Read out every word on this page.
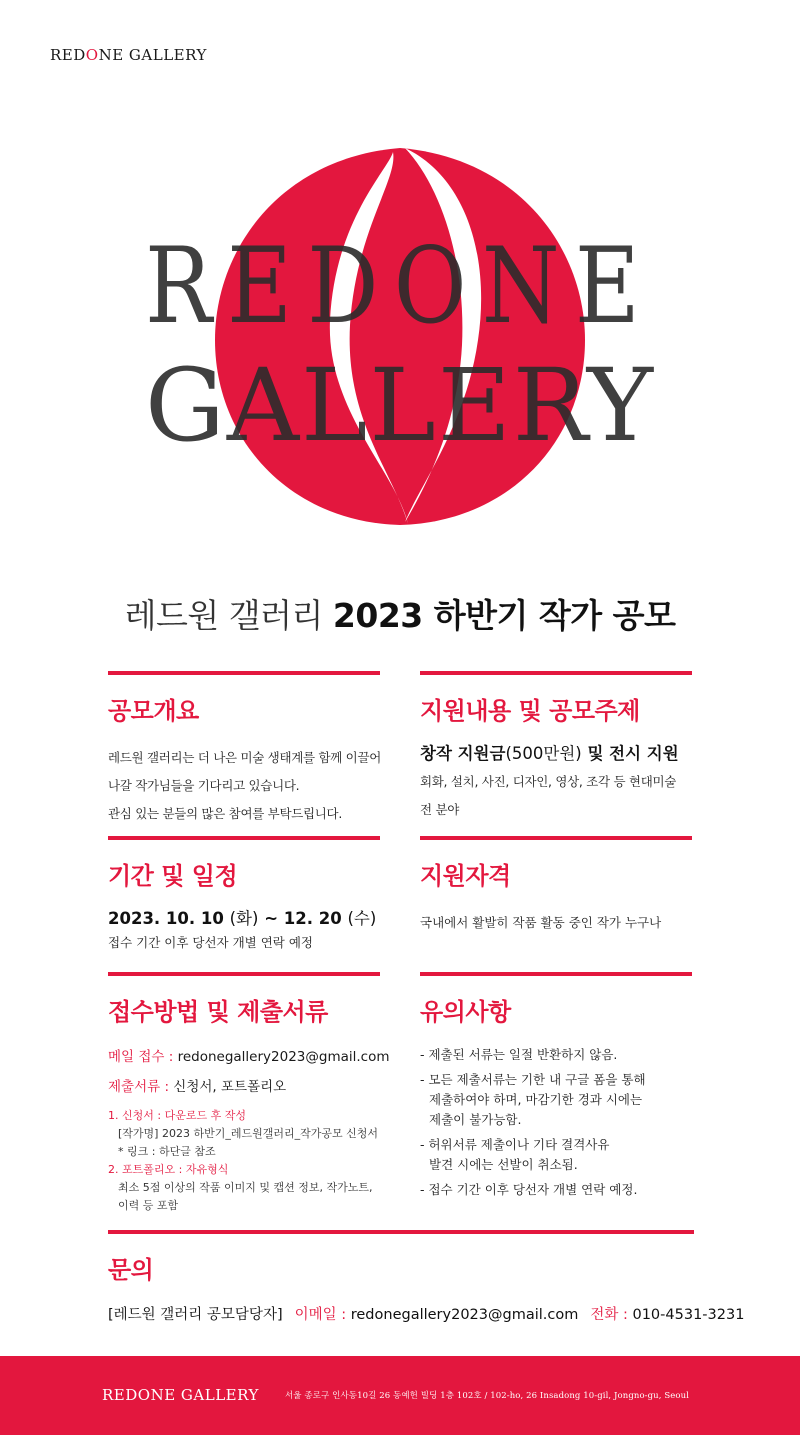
REDONE GALLERY
REDONE
GALLERY
레드원 갤러리 2023 하반기 작가 공모
공모개요
레드원 갤러리는 더 나은 미술 생태계를 함께 이끌어
나갈 작가님들을 기다리고 있습니다.
관심 있는 분들의 많은 참여를 부탁드립니다.
지원내용 및 공모주제
창작 지원금(500만원) 및 전시 지원
회화, 설치, 사진, 디자인, 영상, 조각 등 현대미술
전 분야
기간 및 일정
2023. 10. 10 (화) ~ 12. 20 (수)
접수 기간 이후 당선자 개별 연락 예정
지원자격
국내에서 활발히 작품 활동 중인 작가 누구나
접수방법 및 제출서류
메일 접수 : redonegallery2023@gmail.com
제출서류 : 신청서, 포트폴리오
1. 신청서 : 다운로드 후 작성
[작가명] 2023 하반기_레드원갤러리_작가공모 신청서
* 링크 : 하단글 참조
2. 포트폴리오 : 자유형식
최소 5점 이상의 작품 이미지 및 캡션 정보, 작가노트,
이력 등 포함
유의사항
- 제출된 서류는 일절 반환하지 않음.
- 모든 제출서류는 기한 내 구글 폼을 통해
제출하여야 하며, 마감기한 경과 시에는
제출이 불가능함.
- 허위서류 제출이나 기타 결격사유
발견 시에는 선발이 취소됨.
- 접수 기간 이후 당선자 개별 연락 예정.
문의
[레드원 갤러리 공모담당자] 이메일 : redonegallery2023@gmail.com 전화 : 010-4531-3231
REDONE GALLERY	서울 종로구 인사동10길 26 동예헌 빌딩 1층 102호 / 102-ho, 26 Insadong 10-gil, Jongno-gu, Seoul
